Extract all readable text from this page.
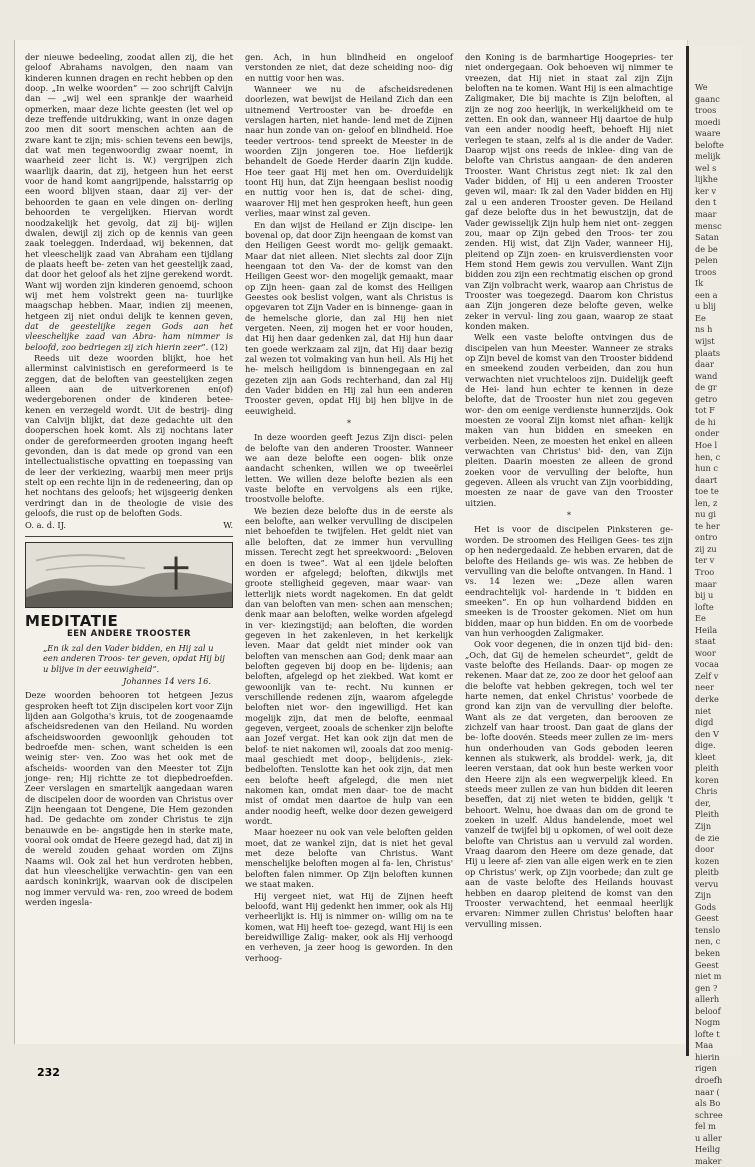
der nieuwe bedeeling, zoodat allen zij, die het geloof Abrahams navolgen, den naam van kinderen kunnen dragen en recht hebben op den doop. „In welke woorden” — zoo schrijft Calvijn dan — „wij wel een sprankje der waarheid opmerken, maar deze lichte geesten (let wel op deze treffende uitdrukking, want in onze dagen zoo men dit soort menschen achten aan de zware kant te zijn; mis- schien tevens een bewijs, dat wat men tegenwoordig zwaar noemt, in waarheid zeer licht is. W.) vergrijpen zich waarlijk daarin, dat zij, hetgeen hun het eerst voor de hand komt aangrijpende, halsstarrig op een woord blijven staan, daar zij ver- der behoorden te gaan en vele dingen on- derling behoorden te vergelijken. Hiervan wordt noodzakelijk het gevolg, dat zij bij- wijlen dwalen, dewijl zij zich op de kennis van geen zaak toeleggen. Inderdaad, wij bekennen, dat het vleeschelijk zaad van Abraham een tijdlang de plaats heeft be- zeten van het geestelijk zaad, dat door het geloof als het zijne gerekend wordt. Want wij worden zijn kinderen genoemd, schoon wij met hem volstrekt geen na- tuurlijke maagschap hebben. Maar, indien zij meenen, hetgeen zij niet ondui delijk te kennen geven, dat de geestelijke zegen Gods aan het vleeschelijke zaad van Abra- ham nimmer is beloofd, zoo bedriegen zij zich hierin zeer”. (12)

Reeds uit deze woorden blijkt, hoe het allerminst calvinistisch en gereformeerd is te zeggen, dat de beloften van geestelijken zegen alleen aan de uitverkorenen en(of) wedergeborenen onder de kinderen betee- kenen en verzegeld wordt. Uit de bestrij- ding van Calvijn blijkt, dat deze gedachte uit den dooperschen hoek komt. Als zij nochtans later onder de gereformeerden grooten ingang heeft gevonden, dan is dat mede op grond van een intellectualistische opvatting en toepassing van de leer der verkiezing, waarbij men meer prijs stelt op een rechte lijn in de redeneering, dan op het nochtans des geloofs; het wijsgeerig denken verdringt dan in de theologie de visie des geloofs, die rust op de beloften Gods.

O. a. d. IJ.	W.
MEDITATIE
EEN ANDERE TROOSTER
„En ik zal den Vader bidden, en Hij zal u een anderen Troos- ter geven, opdat Hij bij u blijve in der eeuwigheid”.
Johannes 14 vers 16.

Deze woorden behooren tot hetgeen Jezus gesproken heeft tot Zijn discipelen kort voor Zijn lijden aan Golgotha's kruis, tot de zoogenaamde afscheidsredenen van den Heiland. Nu worden afscheidswoorden gewoonlijk gehouden tot bedroefde men- schen, want scheiden is een weinig ster- ven. Zoo was het ook met de afscheids- woorden van den Meester tot Zijn jonge- ren; Hij richtte ze tot diepbedroefden. Zeer verslagen en smartelijk aangedaan waren de discipelen door de woorden van Christus over Zijn heengaan tot Dengene, Die Hem gezonden had. De gedachte om zonder Christus te zijn benauwde en be- angstigde hen in sterke mate, vooral ook omdat de Heere gezegd had, dat zij in de wereld zouden gehaat worden om Zijns Naams wil. Ook zal het hun verdroten hebben, dat hun vleeschelijke verwachtin- gen van een aardsch koninkrijk, waarvan ook de discipelen nog immer vervuld wa- ren, zoo wreed de bodem werden ingesla-

gen. Ach, in hun blindheid en ongeloof verstonden ze niet, dat deze scheiding noo- dig en nuttig voor hen was.

Wanneer we nu de afscheidsredenen doorlezen, wat bewijst de Heiland Zich dan een uitnemend Vertrooster van be- droefde en verslagen harten, niet hande- lend met de Zijnen naar hun zonde van on- geloof en blindheid. Hoe teeder vertroos- tend spreekt de Meester in de woorden Zijn jongeren toe. Hoe liefderijk behandelt de Goede Herder daarin Zijn kudde. Hoe teer gaat Hij met hen om. Overduidelijk toont Hij hun, dat Zijn heengaan beslist noodig en nuttig voor hen is, dat de schei- ding, waarover Hij met hen gesproken heeft, hun geen verlies, maar winst zal geven.

En dan wijst de Heiland er Zijn discipe- len bovenal op, dat door Zijn heengaan de komst van den Heiligen Geest wordt mo- gelijk gemaakt. Maar dat niet alleen. Niet slechts zal door Zijn heengaan tot den Va- der de komst van den Heiligen Geest wor- den mogelijk gemaakt, maar op Zijn heen- gaan zal de komst des Heiligen Geestes ook beslist volgen, want als Christus is opgevaren tot Zijn Vader en is binnenge- gaan in de hemelsche glorie, dan zal Hij hen niet vergeten. Neen, zij mogen het er voor houden, dat Hij hen daar gedenken zal, dat Hij hun daar ten goede werkzaam zal zijn, dat Hij daar bezig zal wezen tot volmaking van hun heil. Als Hij het he- melsch heiligdom is binnengegaan en zal gezeten zijn aan Gods rechterhand, dan zal Hij den Vader bidden en Hij zal hun een anderen Trooster geven, opdat Hij bij hen blijve in de eeuwigheid.

*

In deze woorden geeft Jezus Zijn disci- pelen de belofte van den anderen Trooster. Wanneer we aan deze belofte een oogen- blik onze aandacht schenken, willen we op tweeërlei letten. We willen deze belofte bezien als een vaste belofte en vervolgens als een rijke, troostvolle belofte.

We bezien deze belofte dus in de eerste als een belofte, aan welker vervulling de discipelen niet behoefden te twijfelen. Het geldt niet van alle beloften, dat ze immer hun vervulling missen. Terecht zegt het spreekwoord: „Beloven en doen is twee”. Wat al een ijdele beloften worden er afgelegd; beloften, dikwijls met groote stelligheid gegeven, maar waar- van letterlijk niets wordt nagekomen. En dat geldt dan van beloften van men- schen aan menschen; denk maar aan beloften, welke worden afgelegd in ver- kiezingstijd; aan beloften, die worden gegeven in het zakenleven, in het kerkelijk leven. Maar dat geldt niet minder ook van beloften van menschen aan God; denk maar aan beloften gegeven bij doop en be- lijdenis; aan beloften, afgelegd op het ziekbed. Wat komt er gewoonlijk van te- recht. Nu kunnen er verschillende redenen zijn, waarom afgelegde beloften niet wor- den ingewilligd. Het kan mogelijk zijn, dat men de belofte, eenmaal gegeven, vergeet, zooals de schenker zijn belofte aan Jozef vergat. Het kan ook zijn dat men de belof- te niet nakomen wil, zooals dat zoo menig- maal geschiedt met doop-, belijdenis-, ziek- bedbeloften. Tenslotte kan het ook zijn, dat men een belofte heeft afgelegd, die men niet nakomen kan, omdat men daar- toe de macht mist of omdat men daartoe de hulp van een ander noodig heeft, welke door dezen geweigerd wordt.

Maar hoezeer nu ook van vele beloften gelden moet, dat ze wankel zijn, dat is niet het geval met deze belofte van Christus. Want menschelijke beloften mogen al fa- len, Christus' beloften falen nimmer. Op Zijn beloften kunnen we staat maken.

Hij vergeet niet, wat Hij de Zijnen heeft beloofd, want Hij gedenkt hen immer, ook als Hij verheerlijkt is. Hij is nimmer on- willig om na te komen, wat Hij heeft toe- gezegd, want Hij is een bereidwillige Zalig- maker, ook als Hij verhoogd en verheven, ja zeer hoog is geworden. In den verhoog-

den Koning is de barmhartige Hoogepries- ter niet ondergegaan. Ook behoeven wij nimmer te vreezen, dat Hij niet in staat zal zijn Zijn beloften na te komen. Want Hij is een almachtige Zaligmaker, Die bij machte is Zijn beloften, al zijn ze nog zoo heerlijk, in werkelijkheid om te zetten. En ook dan, wanneer Hij daartoe de hulp van een ander noodig heeft, behoeft Hij niet verlegen te staan, zelfs al is die ander de Vader. Daarop wijst ons reeds de inklee- ding van de belofte van Christus aangaan- de den anderen Trooster. Want Christus zegt niet: Ik zal den Vader bidden, of Hij u een anderen Trooster geven wil, maar: Ik zal den Vader bidden en Hij zal u een anderen Trooster geven. De Heiland gaf deze belofte dus in het bewustzijn, dat de Vader gewisselijk Zijn hulp hem niet ont- zeggen zou, maar op Zijn gebed den Troos- ter zou zenden. Hij wist, dat Zijn Vader, wanneer Hij, pleitend op Zijn zoen- en kruisverdiensten voor Hem stond Hem gewis zou vervullen. Want Zijn bidden zou zijn een rechtmatig eischen op grond van Zijn volbracht werk, waarop aan Christus de Trooster was toegezegd. Daarom kon Christus aan Zijn jongeren deze belofte geven, welke zeker in vervul- ling zou gaan, waarop ze staat konden maken.

Welk een vaste belofte ontvingen dus de discipelen van hun Meester. Wanneer ze straks op Zijn bevel de komst van den Trooster biddend en smeekend zouden verbeiden, dan zou hun verwachten niet vruchteloos zijn. Duidelijk geeft de Hei- land hun echter te kennen in deze belofte, dat de Trooster hun niet zou gegeven wor- den om eenige verdienste hunnerzijds. Ook moesten ze vooral Zijn komst niet afhan- kelijk maken van hun bidden en smeeken en verbeiden. Neen, ze moesten het enkel en alleen verwachten van Christus' bid- den, van Zijn pleiten. Daarin moesten ze alleen de grond zoeken voor de vervulling der belofte, hun gegeven. Alleen als vrucht van Zijn voorbidding, moesten ze naar de gave van den Trooster uitzien.

*

Het is voor de discipelen Pinksteren ge- worden. De stroomen des Heiligen Gees- tes zijn op hen nedergedaald. Ze hebben ervaren, dat de belofte des Heilands ge- wis was. Ze hebben de vervulling van die belofte ontvangen. In Hand. 1 vs. 14 lezen we: „Deze allen waren eendrachtelijk vol- hardende in 't bidden en smeeken”. En op hun volhardend bidden en smeeken is de Trooster gekomen. Niet om hun bidden, maar op hun bidden. En om de voorbede van hun verhoogden Zaligmaker.

Ook voor degenen, die in onzen tijd bid- den: „Och, dat Gij de hemelen scheurdet”, geldt de vaste belofte des Heilands. Daar- op mogen ze rekenen. Maar dat ze, zoo ze door het geloof aan die belofte vat hebben gekregen, toch wel ter harte nemen, dat enkel Christus' voorbede de grond kan zijn van de vervulling dier belofte. Want als ze dat vergeten, dan berooven ze zichzelf van haar troost. Dan gaat de glans der be- lofte doovén. Steeds meer zullen ze im- mers hun onderhouden van Gods geboden leeren kennen als stukwerk, als broddel- werk, ja, dit leeren verstaan, dat ook hun beste werken voor den Heere zijn als een wegwerpelijk kleed. En steeds meer zullen ze van hun bidden dit leeren beseffen, dat zij niet weten te bidden, gelijk 't behoort. Welnu, hoe dwaas dan om de grond te zoeken in uzelf. Aldus handelende, moet wel vanzelf de twijfel bij u opkomen, of wel ooit deze belofte van Christus aan u vervuld zal worden. Vraag daarom den Heere om deze genade, dat Hij u leere af- zien van alle eigen werk en te zien op Christus' werk, op Zijn voorbede; dan zult ge aan de vaste belofte des Heilands houvast hebben en daarop pleitend de komst van den Trooster verwachtend, het eenmaal heerlijk ervaren: Nimmer zullen Christus' beloften haar vervulling missen.

232
We
gaanc
troos
moedi
waare
belofte
melijk
wel s
lijkhe
ker v
den t
maar
mensc
Satan
de be
pelen
troos
Ik
een a
u blij
Ee
ns h
wijst
plaats
daar
wand
de gr
getro
tot F
de hi
onder
Hoe l
hen, c
hun c
daart
toe te
len, z
nu gi
te her
ontro
zij zu
ter v
Troo
maar
bij u
lofte
Ee
Heila
staat
woor
vocaa
Zelf v
neer
derke
niet
digd
den V
dige.
kleet
pleith
koren
Chris
der,
Pleith
Zijn
de zie
door
kozen
pleitb
vervu
Zijn
Gods
Geest
tenslo
nen, c
beken
Geest
niet m
gen ?
allerh
beloof
Nogm
lofte t
Maa
hierin
rigen
droefh
naar (
als Bo
schree
fel m
u aller
Heilig
maker
